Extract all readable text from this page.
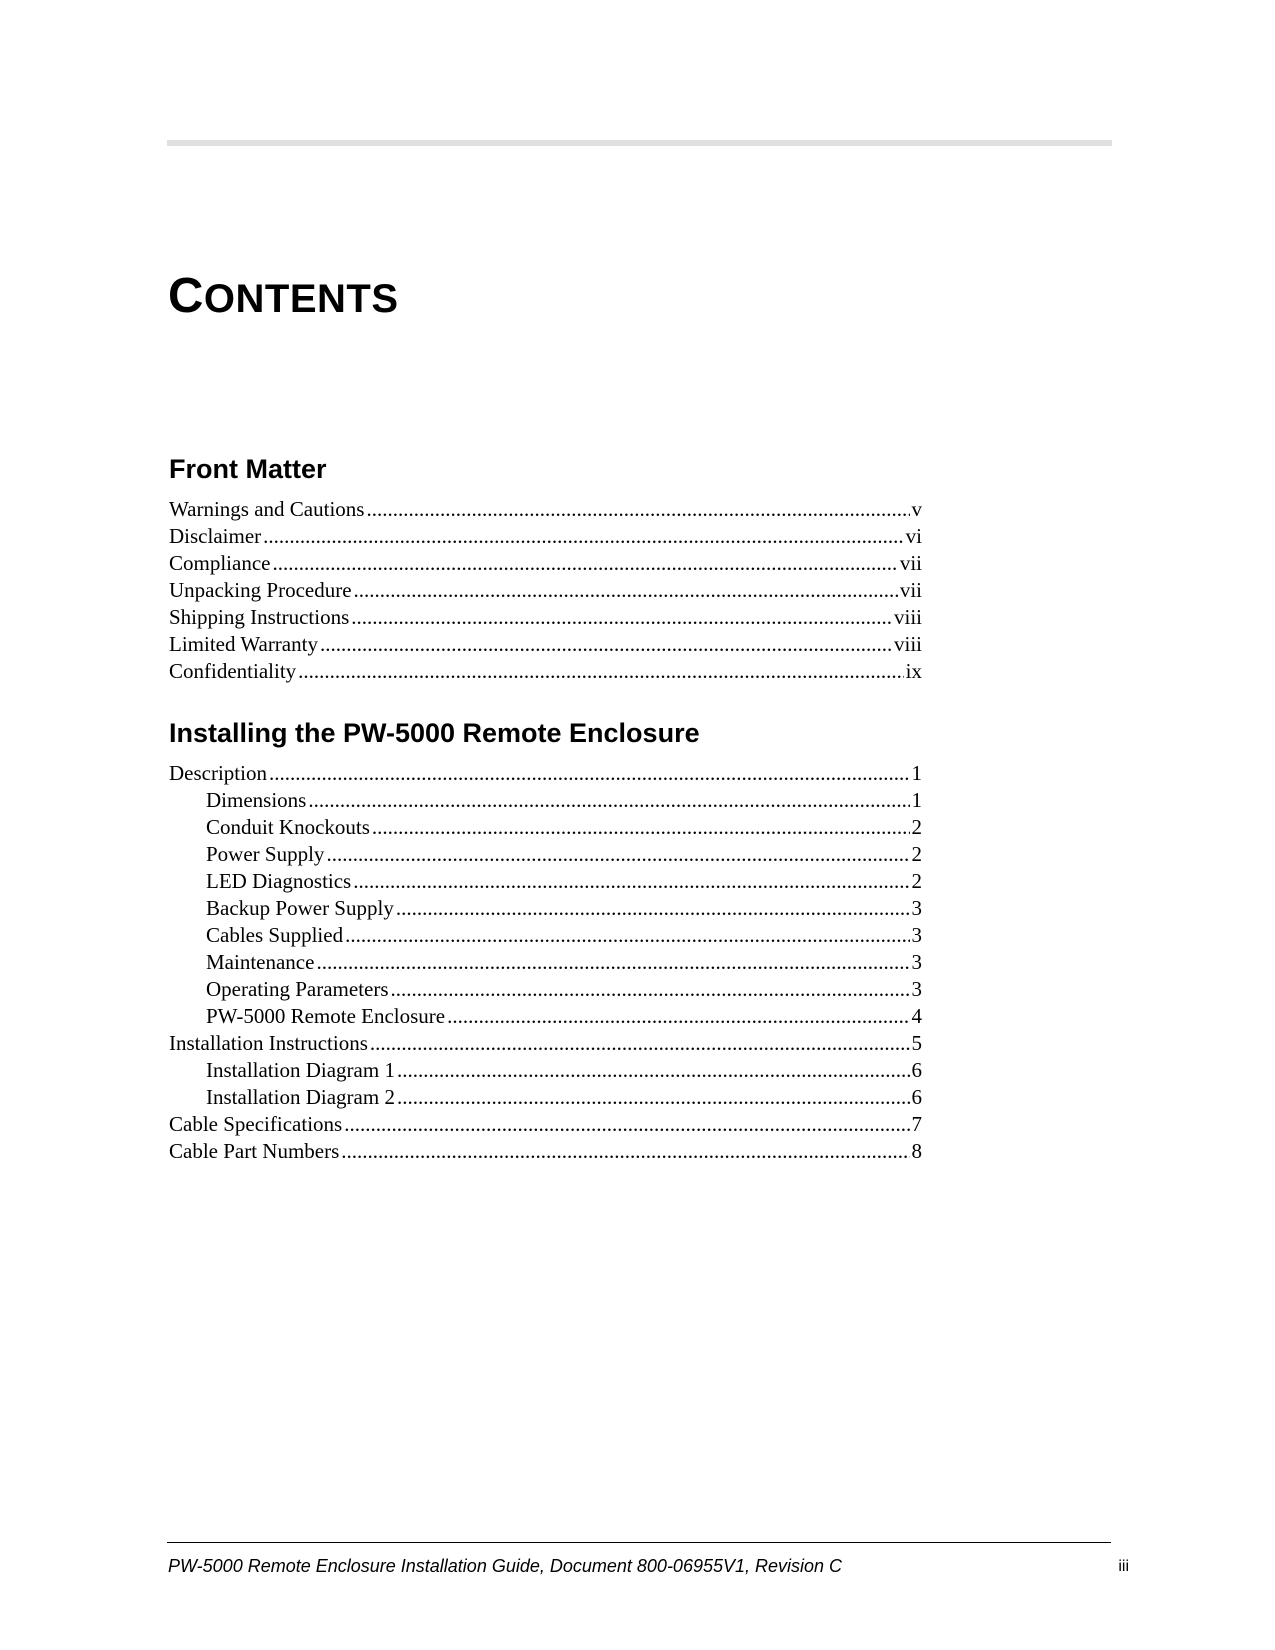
CONTENTS
Front Matter
Warnings and Cautions .....	v
Disclaimer .....	vi
Compliance .....	vii
Unpacking Procedure .....	vii
Shipping Instructions .....	viii
Limited Warranty .....	viii
Confidentiality .....	ix
Installing the PW-5000 Remote Enclosure
Description .....	1
Dimensions .....	1
Conduit Knockouts .....	2
Power Supply .....	2
LED Diagnostics .....	2
Backup Power Supply .....	3
Cables Supplied .....	3
Maintenance .....	3
Operating Parameters .....	3
PW-5000 Remote Enclosure .....	4
Installation Instructions .....	5
Installation Diagram 1 .....	6
Installation Diagram 2 .....	6
Cable Specifications .....	7
Cable Part Numbers .....	8
PW-5000 Remote Enclosure Installation Guide, Document 800-06955V1, Revision C	iii
